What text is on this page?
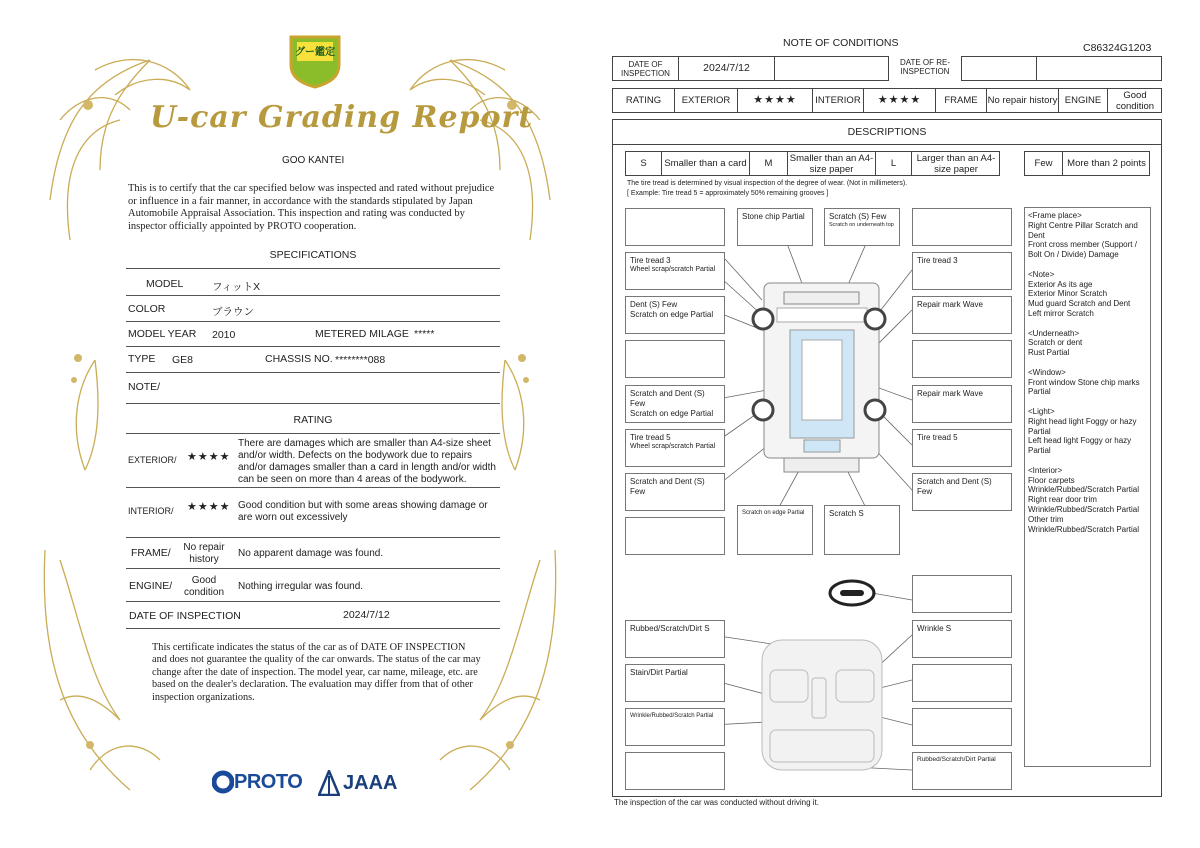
グー鑑定
U-car Grading Report
GOO KANTEI
This is to certify that the car specified below was inspected and rated without prejudice or influence in a fair manner, in accordance with the standards stipulated by Japan Automobile Appraisal Association. This inspection and rating was conducted by inspector officially appointed by PROTO cooperation.
SPECIFICATIONS
MODEL	フィットX
COLOR	ブラウン
MODEL YEAR 2010	METERED MILAGE *****
TYPE GE8	CHASSIS NO. ********088
NOTE/
RATING
EXTERIOR/ ★★★★
There are damages which are smaller than A4-size sheet and/or width. Defects on the bodywork due to repairs and/or damages smaller than a card in length and/or width can be seen on more than 4 areas of the bodywork.
INTERIOR/ ★★★★ Good condition but with some areas showing damage or are worn out excessively
FRAME/	No repair history
No apparent damage was found.
ENGINE/	Good condition
Nothing irregular was found.
DATE OF INSPECTION	2024/7/12
This certificate indicates the status of the car as of DATE OF INSPECTION and does not guarantee the quality of the car onwards. The status of the car may change after the date of inspection. The model year, car name, mileage, etc. are based on the dealer's declaration. The evaluation may differ from that of other inspection organizations.
PROTO JAAA
NOTE OF CONDITIONS	C86324G1203
DATE OF INSPECTION	2024/7/12	DATE OF RE-INSPECTION
RATING	EXTERIOR	★★★★	INTERIOR	★★★★	FRAME	No repair history ENGINE	Good condition
DESCRIPTIONS
S	Smaller than a card	M	Smaller than an A4-size paper	L	Larger than an A4-size paper	Few	More than 2 points
The tire tread is determined by visual inspection of the degree of wear. (Not in millimeters).
[ Example: Tire tread 5 = approximately 50% remaining grooves ]
Tire tread 3
Wheel scrap/scratch Partial
Dent (S) Few
Scratch on edge Partial
Scratch and Dent (S) Few
Scratch on edge Partial
Tire tread 5
Wheel scrap/scratch Partial
Scratch and Dent (S) Few
Stone chip Partial	Scratch (S) Few
Scratch on underneath top
Tire tread 3
Repair mark Wave
Repair mark Wave
Tire tread 5
Scratch and Dent (S) Few
Scratch on edge Partial	Scratch S
Rubbed/Scratch/Dirt S
Stain/Dirt Partial
Wrinkle/Rubbed/Scratch Partial
Wrinkle S
Rubbed/Scratch/Dirt Partial
<Frame place>
Right Centre Pillar Scratch and Dent
Front cross member (Support / Bolt On / Divide) Damage
<Note>
Exterior As its age
Exterior Minor Scratch
Mud guard Scratch and Dent
Left mirror Scratch
<Underneath>
Scratch or dent
Rust Partial
<Window>
Front window Stone chip marks Partial
<Light>
Right head light Foggy or hazy Partial
Left head light Foggy or hazy Partial
<Interior>
Floor carpets
Wrinkle/Rubbed/Scratch Partial
Right rear door trim
Wrinkle/Rubbed/Scratch Partial
Other trim
Wrinkle/Rubbed/Scratch Partial
The inspection of the car was conducted without driving it.
